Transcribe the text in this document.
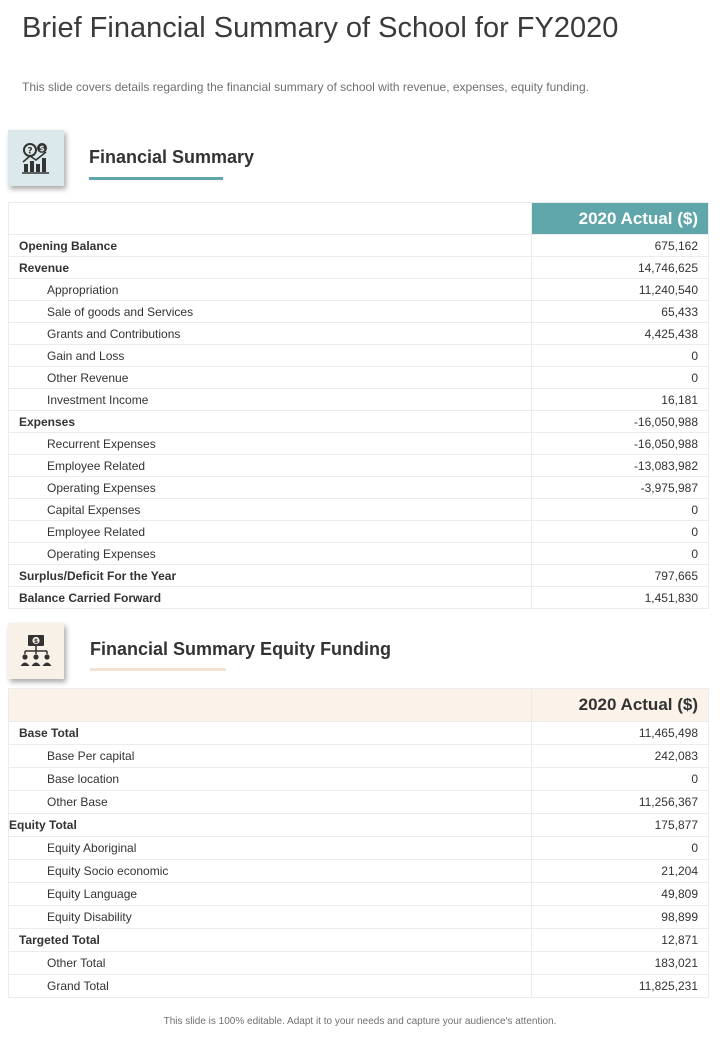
Brief Financial Summary of School for FY2020
This slide covers details regarding the financial summary of school with revenue, expenses, equity funding.
? $ Financial Summary
	2020 Actual ($)
Opening Balance	675,162
Revenue	14,746,625
Appropriation	11,240,540
Sale of goods and Services	65,433
Grants and Contributions	4,425,438
Gain and Loss	0
Other Revenue	0
Investment Income	16,181
Expenses	-16,050,988
Recurrent Expenses	-16,050,988
Employee Related	-13,083,982
Operating Expenses	-3,975,987
Capital Expenses	0
Employee Related	0
Operating Expenses	0
Surplus/Deficit For the Year	797,665
Balance Carried Forward	1,451,830
$	Financial Summary Equity Funding
	2020 Actual ($)
Base Total	11,465,498
Base Per capital	242,083
Base location	0
Other Base	11,256,367
Equity Total	175,877
Equity Aboriginal	0
Equity Socio economic	21,204
Equity Language	49,809
Equity Disability	98,899
Targeted Total	12,871
Other Total	183,021
Grand Total	11,825,231
This slide is 100% editable. Adapt it to your needs and capture your audience's attention.
